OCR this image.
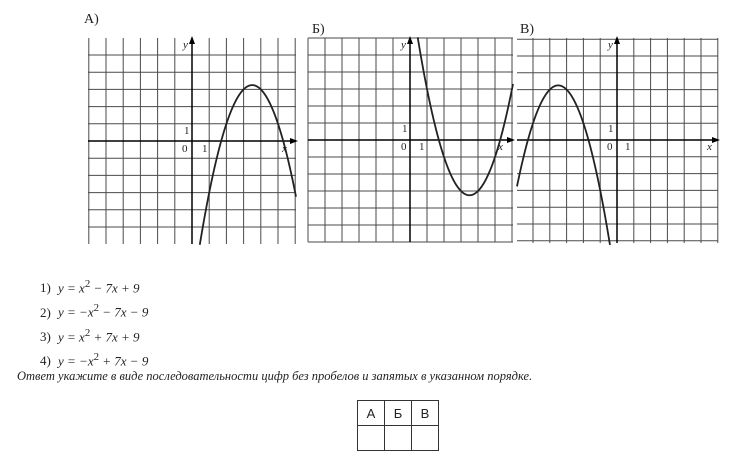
А)
1
0 1
y
x
Б)
1
0 1
y
x
В)
1
0 1
y
x
1) $y = x^2 - 7x + 9$
2) $y = -x^2 - 7x - 9$
3) $y = x^2 + 7x + 9$
4) $y = -x^2 + 7x - 9$
Ответ укажите в виде последовательности цифр без пробелов и запятых в указанном порядке.
А	Б	В
